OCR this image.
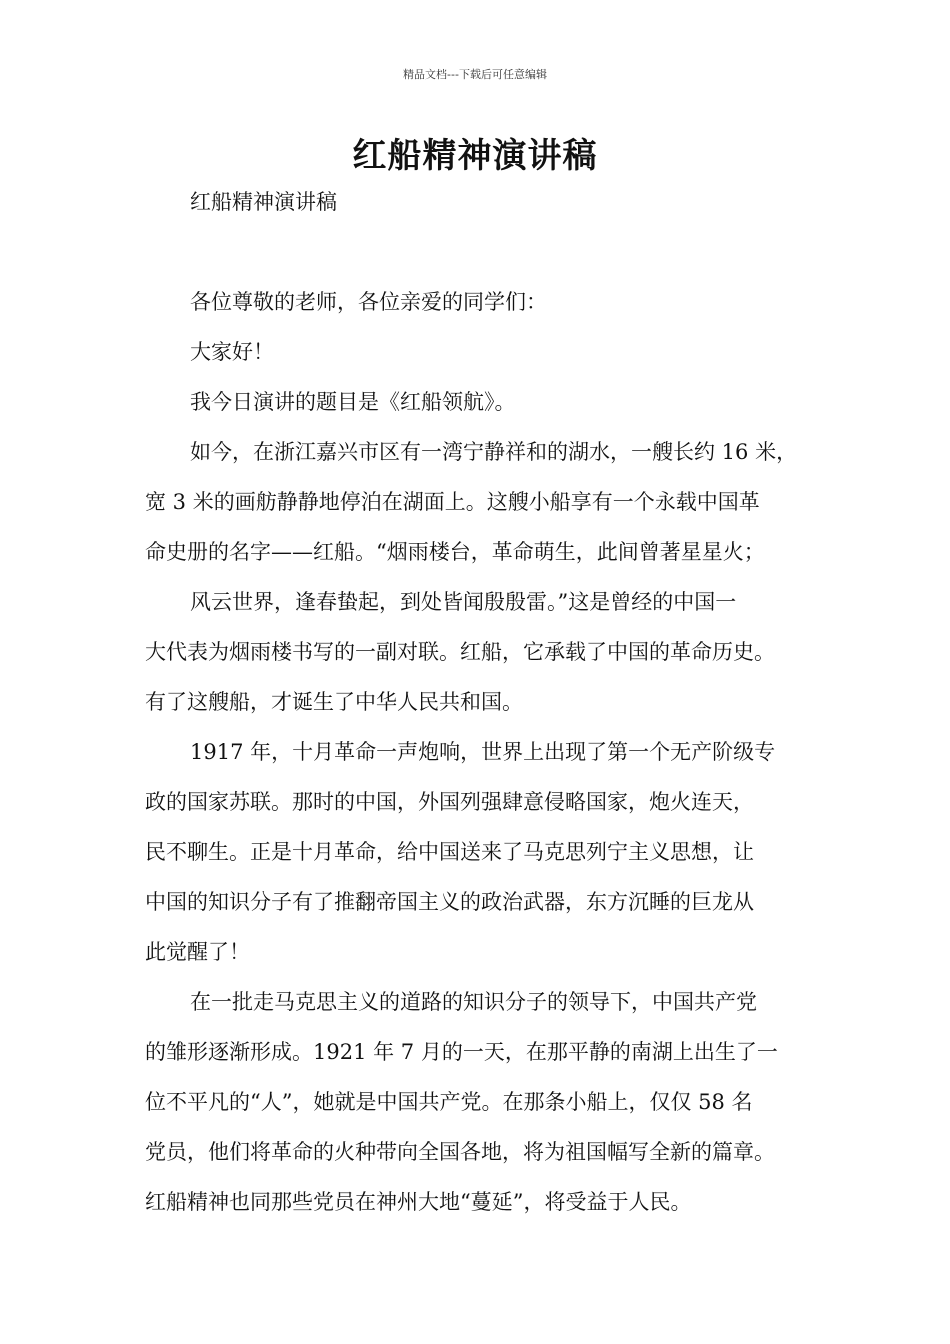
精品文档---下载后可任意编辑
红船精神演讲稿
红船精神演讲稿
各位尊敬的老师，各位亲爱的同学们：
大家好！
我今日演讲的题目是《红船领航》。
如今，在浙江嘉兴市区有一湾宁静祥和的湖水，一艘长约 16 米，
宽 3 米的画舫静静地停泊在湖面上。这艘小船享有一个永载中国革
命史册的名字——红船。“烟雨楼台，革命萌生，此间曾著星星火；
风云世界，逢春蛰起，到处皆闻殷殷雷。”这是曾经的中国一
大代表为烟雨楼书写的一副对联。红船，它承载了中国的革命历史。
有了这艘船，才诞生了中华人民共和国。
1917 年，十月革命一声炮响，世界上出现了第一个无产阶级专
政的国家苏联。那时的中国，外国列强肆意侵略国家，炮火连天，
民不聊生。正是十月革命，给中国送来了马克思列宁主义思想，让
中国的知识分子有了推翻帝国主义的政治武器，东方沉睡的巨龙从
此觉醒了！
在一批走马克思主义的道路的知识分子的领导下，中国共产党
的雏形逐渐形成。1921 年 7 月的一天，在那平静的南湖上出生了一
位不平凡的“人”，她就是中国共产党。在那条小船上，仅仅 58 名
党员，他们将革命的火种带向全国各地，将为祖国幅写全新的篇章。
红船精神也同那些党员在神州大地“蔓延”，将受益于人民。
